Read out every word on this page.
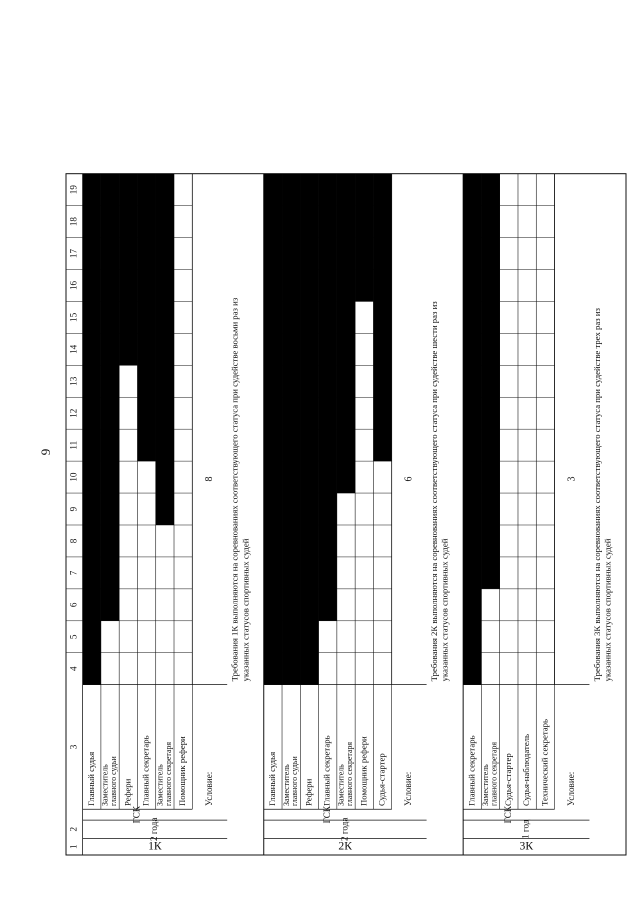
9
1
2
3
4
5
6
7
8
9
10
11
12
13
14
15
16
17
18
19
1К
2 года
ГСК
Главный судья Заместитель главного судьи Рефери Главный секретарь Заместитель главного секретаря Помощник рефери Условие:
8 Требования 1К выполняются на соревнованиях соответствующего статуса при судействе восьми раз из указанных статусов спортивных судей
2К
2 года
ГСК
Главный судья Заместитель главного судьи Рефери Главный секретарь Заместитель главного секретаря Помощник рефери Судья-стартер Условие:
6 Требования 2К выполняются на соревнованиях соответствующего статуса при судействе шести раз из указанных статусов спортивных судей
3К
1 год
ГСК
Главный секретарь Заместитель главного секретаря Судья-стартер Судья-наблюдатель Технический секретарь Условие:
3 Требования 3К выполняются на соревнованиях соответствующего статуса при судействе трех раз из указанных статусов спортивных судей
